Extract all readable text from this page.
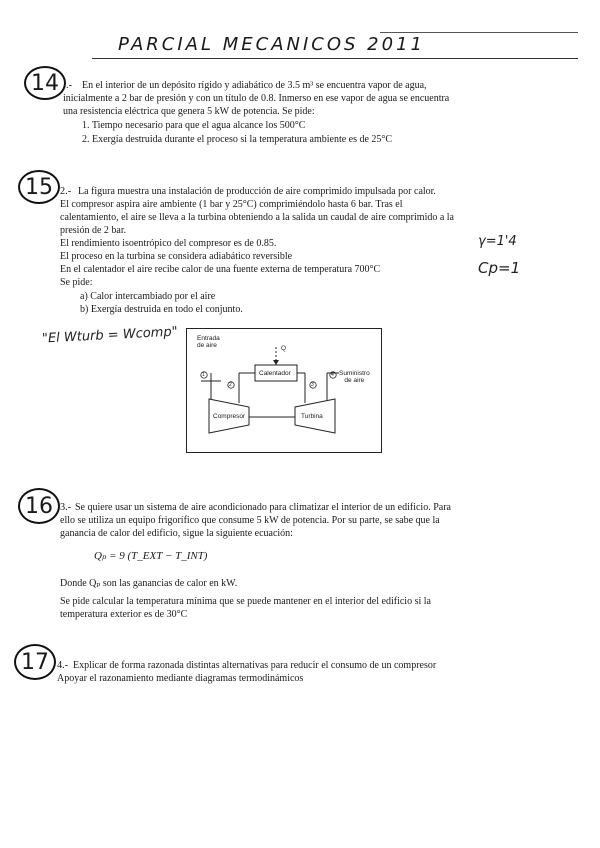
PARCIAL MECANICOS 2011
14 .- En el interior de un depósito rígido y adiabático de 3.5 m³ se encuentra vapor de agua,
inicialmente a 2 bar de presión y con un título de 0.8. Inmerso en ese vapor de agua se encuentra
una resistencia eléctrica que genera 5 kW de potencia. Se pide:
1. Tiempo necesario para que el agua alcance los 500°C
2. Exergía destruida durante el proceso si la temperatura ambiente es de 25°C
15 2.- La figura muestra una instalación de producción de aire comprimido impulsada por calor.
El compresor aspira aire ambiente (1 bar y 25°C) comprimiéndolo hasta 6 bar. Tras el
calentamiento, el aire se lleva a la turbina obteniendo a la salida un caudal de aire comprimido a la
presión de 2 bar.
El rendimiento isoentrópico del compresor es de 0.85.
El proceso en la turbina se considera adiabático reversible
En el calentador el aire recibe calor de una fuente externa de temperatura 700°C
Se pide:
a) Calor intercambiado por el aire
b) Exergía destruida en todo el conjunto.
γ=1'4
Cp=1
"El Wturb = Wcomp"	Entrada
de aire	Q
Calentador	Suministro
de aire
Compresor	Turbina
1
2	3
4
16 3.- Se quiere usar un sistema de aire acondicionado para climatizar el interior de un edificio. Para
ello se utiliza un equipo frigorífico que consume 5 kW de potencia. Por su parte, se sabe que la
ganancia de calor del edificio, sigue la siguiente ecuación:
Qₚ = 9 (T_EXT − T_INT)
Donde Qₚ son las ganancias de calor en kW.
Se pide calcular la temperatura mínima que se puede mantener en el interior del edificio si la
temperatura exterior es de 30°C
17 4.- Explicar de forma razonada distintas alternativas para reducir el consumo de un compresor
Apoyar el razonamiento mediante diagramas termodinámicos
